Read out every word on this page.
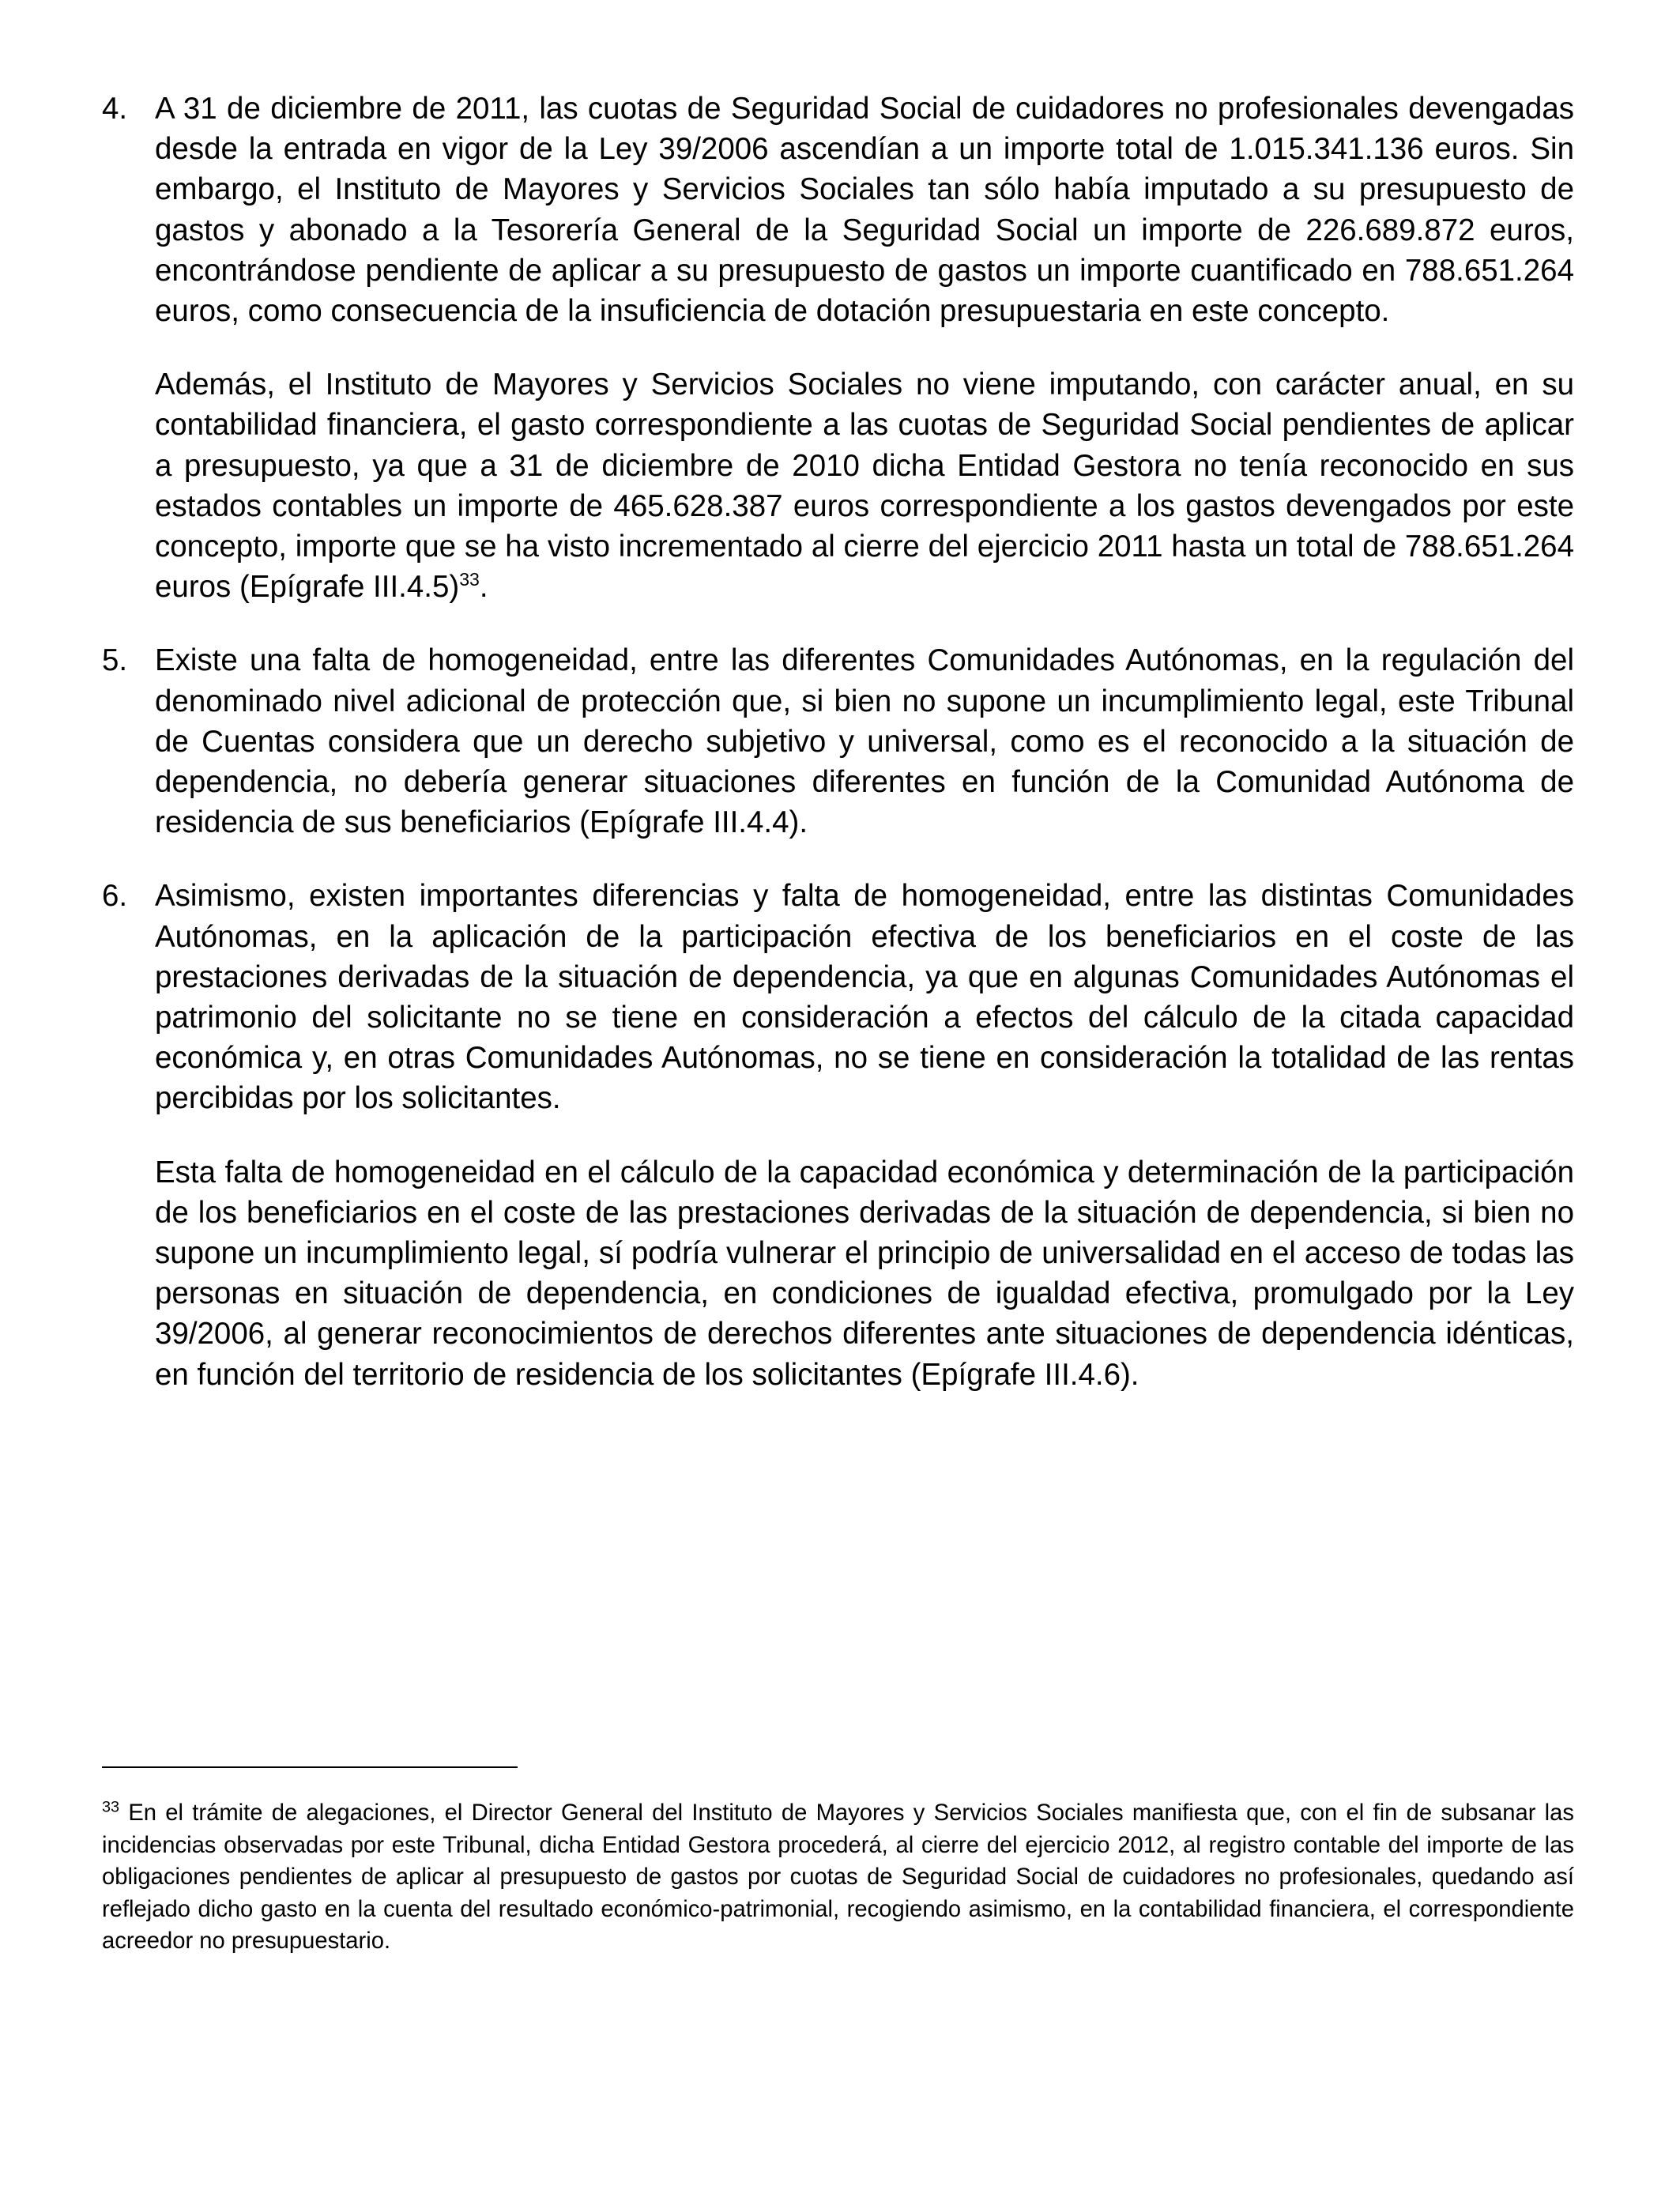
4. A 31 de diciembre de 2011, las cuotas de Seguridad Social de cuidadores no profesionales devengadas desde la entrada en vigor de la Ley 39/2006 ascendían a un importe total de 1.015.341.136 euros. Sin embargo, el Instituto de Mayores y Servicios Sociales tan sólo había imputado a su presupuesto de gastos y abonado a la Tesorería General de la Seguridad Social un importe de 226.689.872 euros, encontrándose pendiente de aplicar a su presupuesto de gastos un importe cuantificado en 788.651.264 euros, como consecuencia de la insuficiencia de dotación presupuestaria en este concepto.

Además, el Instituto de Mayores y Servicios Sociales no viene imputando, con carácter anual, en su contabilidad financiera, el gasto correspondiente a las cuotas de Seguridad Social pendientes de aplicar a presupuesto, ya que a 31 de diciembre de 2010 dicha Entidad Gestora no tenía reconocido en sus estados contables un importe de 465.628.387 euros correspondiente a los gastos devengados por este concepto, importe que se ha visto incrementado al cierre del ejercicio 2011 hasta un total de 788.651.264 euros (Epígrafe III.4.5)$^{33}$.

5. Existe una falta de homogeneidad, entre las diferentes Comunidades Autónomas, en la regulación del denominado nivel adicional de protección que, si bien no supone un incumplimiento legal, este Tribunal de Cuentas considera que un derecho subjetivo y universal, como es el reconocido a la situación de dependencia, no debería generar situaciones diferentes en función de la Comunidad Autónoma de residencia de sus beneficiarios (Epígrafe III.4.4).

6. Asimismo, existen importantes diferencias y falta de homogeneidad, entre las distintas Comunidades Autónomas, en la aplicación de la participación efectiva de los beneficiarios en el coste de las prestaciones derivadas de la situación de dependencia, ya que en algunas Comunidades Autónomas el patrimonio del solicitante no se tiene en consideración a efectos del cálculo de la citada capacidad económica y, en otras Comunidades Autónomas, no se tiene en consideración la totalidad de las rentas percibidas por los solicitantes.

Esta falta de homogeneidad en el cálculo de la capacidad económica y determinación de la participación de los beneficiarios en el coste de las prestaciones derivadas de la situación de dependencia, si bien no supone un incumplimiento legal, sí podría vulnerar el principio de universalidad en el acceso de todas las personas en situación de dependencia, en condiciones de igualdad efectiva, promulgado por la Ley 39/2006, al generar reconocimientos de derechos diferentes ante situaciones de dependencia idénticas, en función del territorio de residencia de los solicitantes (Epígrafe III.4.6).

$^{33}$ En el trámite de alegaciones, el Director General del Instituto de Mayores y Servicios Sociales manifiesta que, con el fin de subsanar las incidencias observadas por este Tribunal, dicha Entidad Gestora procederá, al cierre del ejercicio 2012, al registro contable del importe de las obligaciones pendientes de aplicar al presupuesto de gastos por cuotas de Seguridad Social de cuidadores no profesionales, quedando así reflejado dicho gasto en la cuenta del resultado económico-patrimonial, recogiendo asimismo, en la contabilidad financiera, el correspondiente acreedor no presupuestario.
